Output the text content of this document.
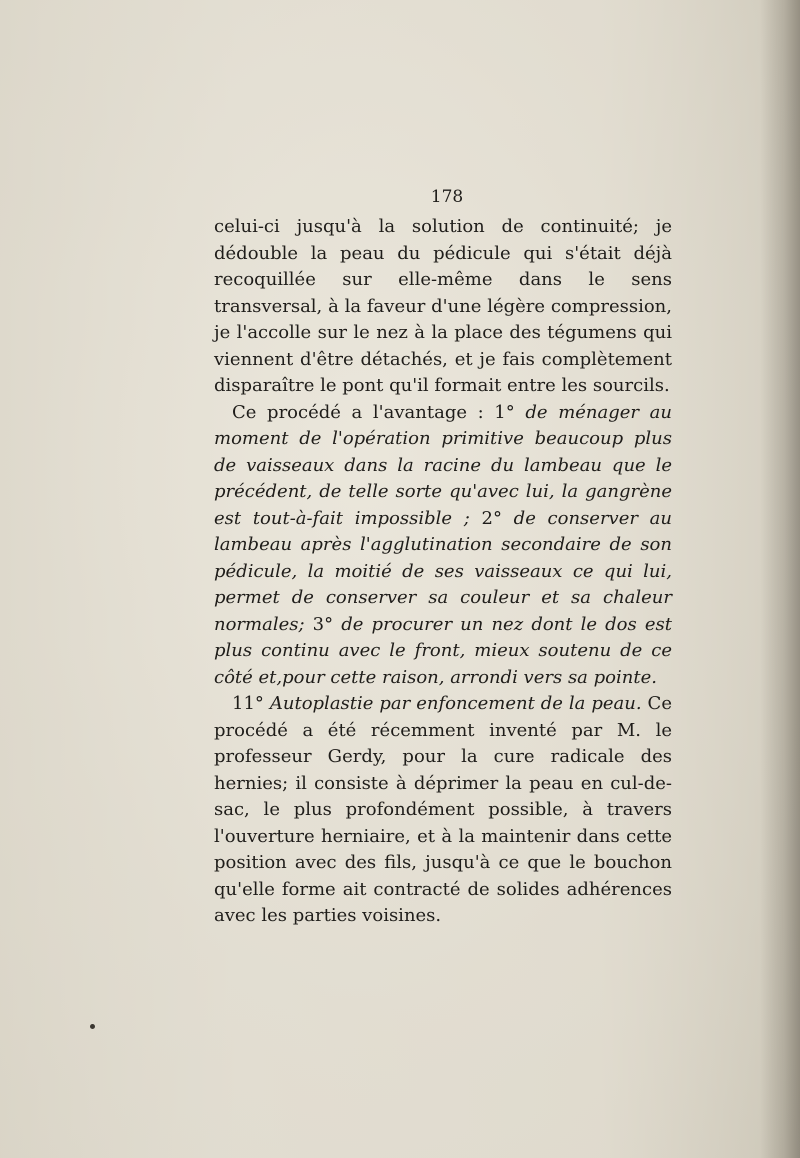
178

celui-ci jusqu'à la solution de continuité; je dédouble la peau du pédicule qui s'était déjà recoquillée sur elle-même dans le sens transversal, à la faveur d'une légère compression, je l'accolle sur le nez à la place des tégumens qui viennent d'être détachés, et je fais complètement disparaître le pont qu'il formait entre les sourcils.

Ce procédé a l'avantage : 1° de ménager au moment de l'opération primitive beaucoup plus de vaisseaux dans la racine du lambeau que le précédent, de telle sorte qu'avec lui, la gangrène est tout-à-fait impossible ; 2° de conserver au lambeau après l'agglutination secondaire de son pédicule, la moitié de ses vaisseaux ce qui lui, permet de conserver sa couleur et sa chaleur normales; 3° de procurer un nez dont le dos est plus continu avec le front, mieux soutenu de ce côté et,pour cette raison, arrondi vers sa pointe.

11° Autoplastie par enfoncement de la peau. Ce procédé a été récemment inventé par M. le professeur Gerdy, pour la cure radicale des hernies; il consiste à déprimer la peau en cul-de-sac, le plus profondément possible, à travers l'ouverture herniaire, et à la maintenir dans cette position avec des fils, jusqu'à ce que le bouchon qu'elle forme ait contracté de solides adhérences avec les parties voisines.
